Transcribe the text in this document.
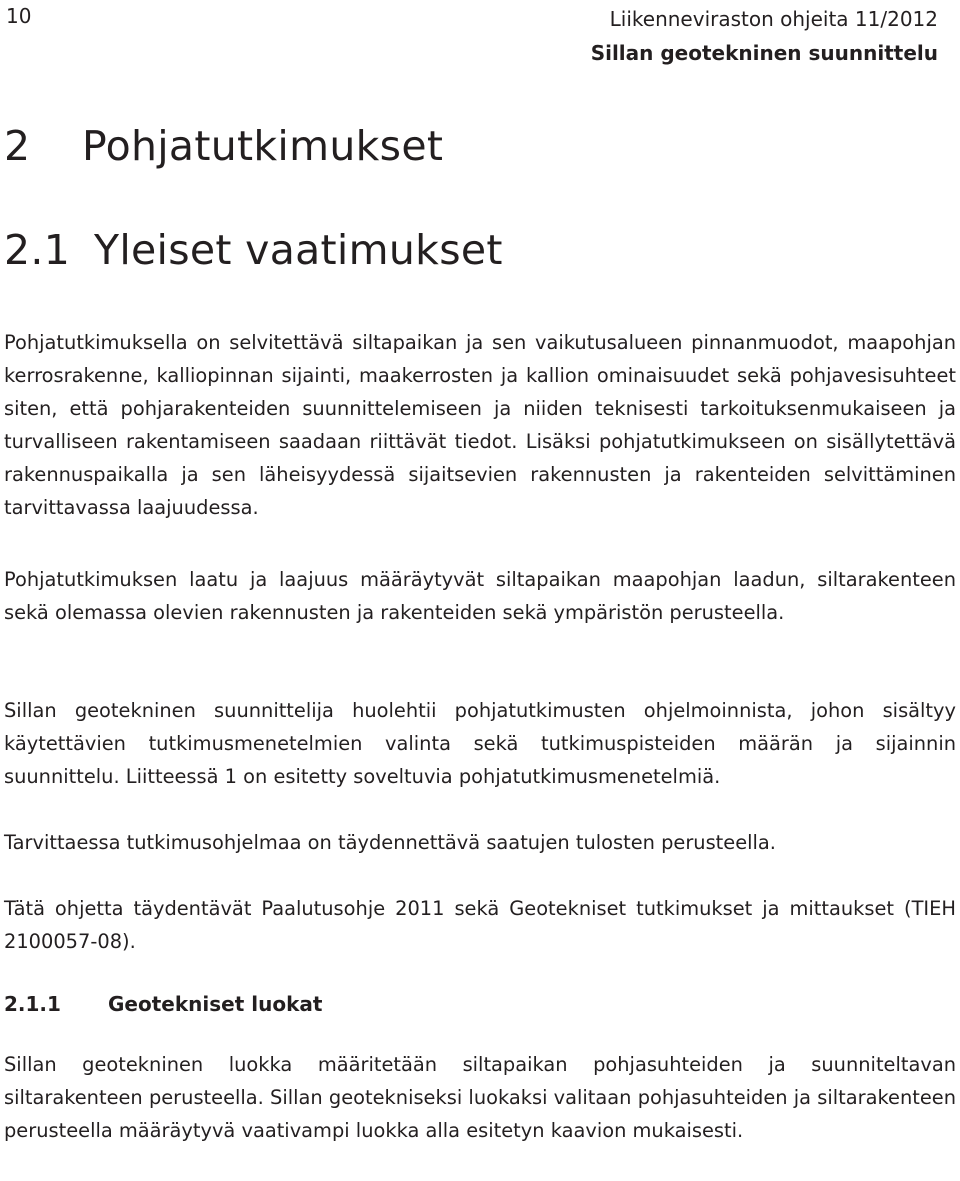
10	Liikenneviraston ohjeita 11/2012
Sillan geotekninen suunnittelu
2 Pohjatutkimukset
2.1 Yleiset vaatimukset

Pohjatutkimuksella on selvitettävä siltapaikan ja sen vaikutusalueen pinnanmuodot, maapohjan kerrosrakenne, kalliopinnan sijainti, maakerrosten ja kallion ominaisuudet sekä pohjavesisuhteet siten, että pohjarakenteiden suunnittelemiseen ja niiden teknisesti tarkoituksenmukaiseen ja turvalliseen rakentamiseen saadaan riittävät tiedot. Lisäksi pohjatutkimukseen on sisällytettävä rakennuspaikalla ja sen läheisyydessä sijaitsevien rakennusten ja rakenteiden selvittäminen tarvittavassa laajuudessa.

Pohjatutkimuksen laatu ja laajuus määräytyvät siltapaikan maapohjan laadun, siltarakenteen sekä olemassa olevien rakennusten ja rakenteiden sekä ympäristön perusteella.

Sillan geotekninen suunnittelija huolehtii pohjatutkimusten ohjelmoinnista, johon sisältyy käytettävien tutkimusmenetelmien valinta sekä tutkimuspisteiden määrän ja sijainnin suunnittelu. Liitteessä 1 on esitetty soveltuvia pohjatutkimusmenetelmiä.

Tarvittaessa tutkimusohjelmaa on täydennettävä saatujen tulosten perusteella.

Tätä ohjetta täydentävät Paalutusohje 2011 sekä Geotekniset tutkimukset ja mittaukset (TIEH 2100057-08).

2.1.1 Geotekniset luokat

Sillan geotekninen luokka määritetään siltapaikan pohjasuhteiden ja suunniteltavan siltarakenteen perusteella. Sillan geotekniseksi luokaksi valitaan pohjasuhteiden ja siltarakenteen perusteella määräytyvä vaativampi luokka alla esitetyn kaavion mukaisesti.
